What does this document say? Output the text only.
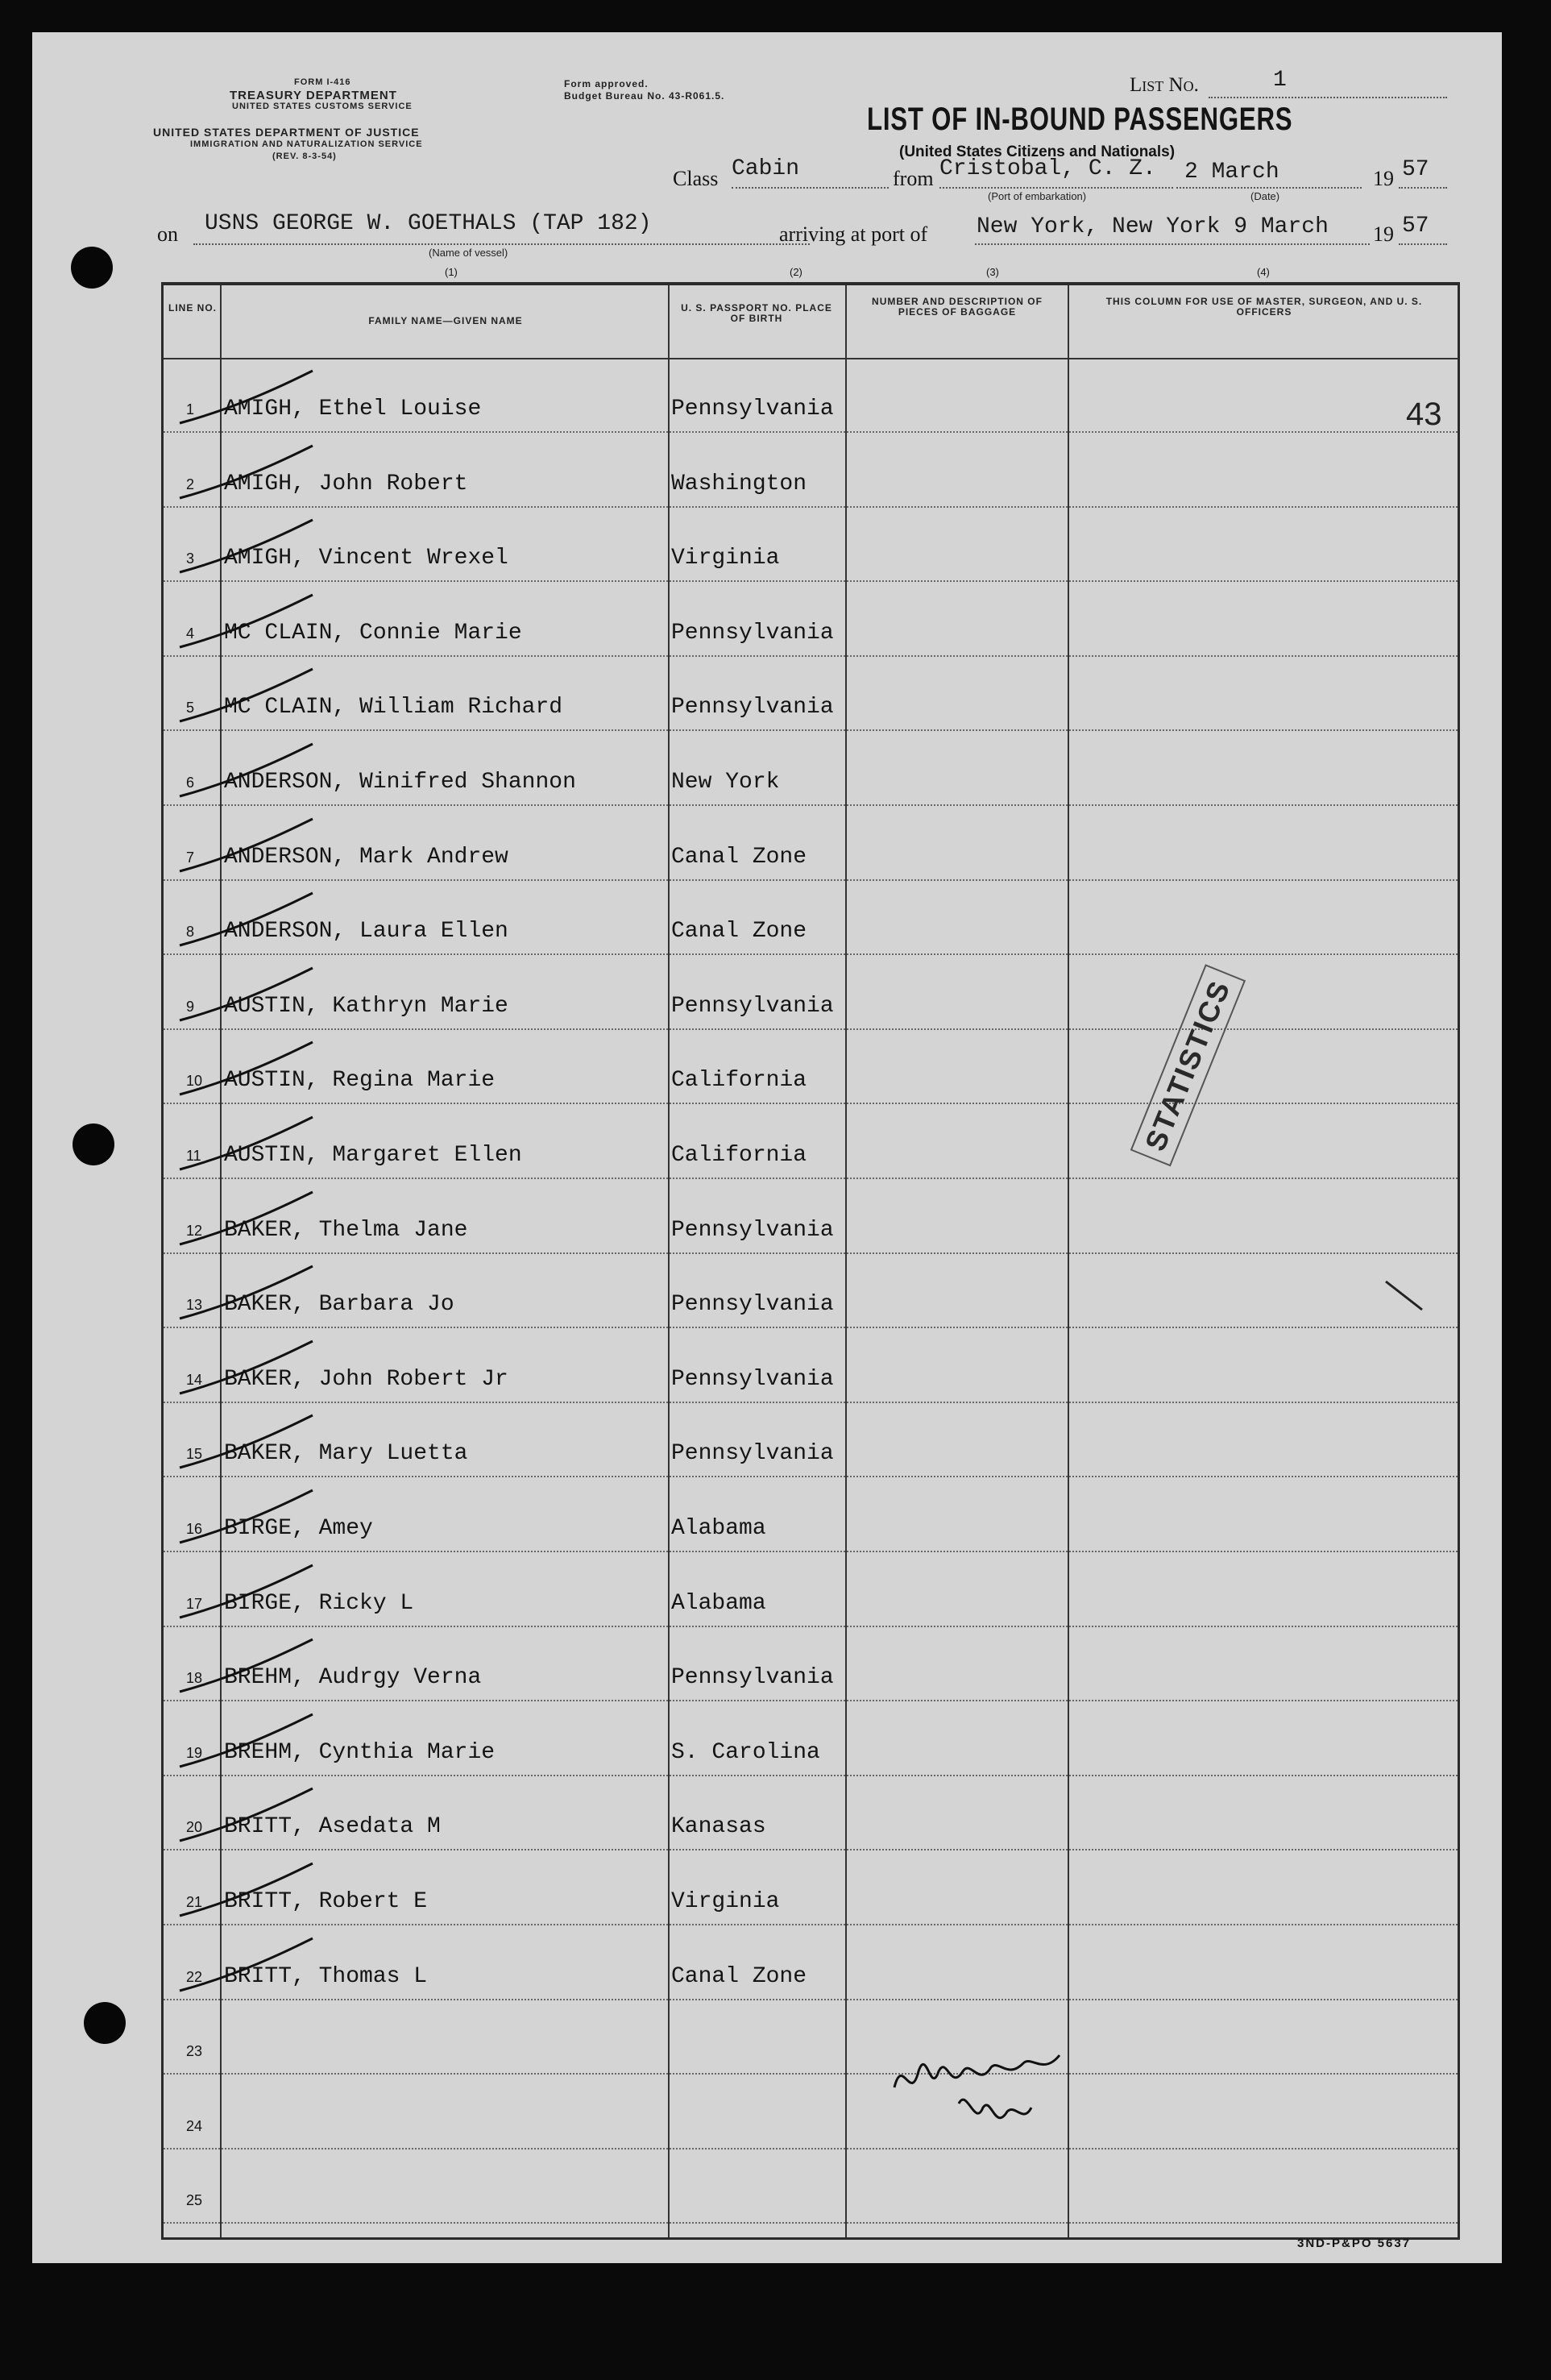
FORM I-416
TREASURY DEPARTMENT
UNITED STATES CUSTOMS SERVICE
UNITED STATES DEPARTMENT OF JUSTICE
IMMIGRATION AND NATURALIZATION SERVICE
(REV. 8-3-54)
Form approved.
Budget Bureau No. 43-R061.5.	List No.	1
LIST OF IN-BOUND PASSENGERS
(United States Citizens and Nationals)
Class Cabin	from Cristobal, C. Z. 2 March	19 57
(Port of embarkation)	(Date)
on USNS GEORGE W. GOETHALS (TAP 182)
(Name of vessel)
arriving at port of New York, New York 9 March 19 57
(1)	(2)	(3)	(4)
LINE NO.
FAMILY NAME—GIVEN NAME
U. S. PASSPORT NO. PLACE OF BIRTH
NUMBER AND DESCRIPTION OF PIECES OF BAGGAGE
THIS COLUMN FOR USE OF MASTER, SURGEON, AND U. S. OFFICERS
1 AMIGH, Ethel Louise	Pennsylvania
2 AMIGH, John Robert	Washington
3 AMIGH, Vincent Wrexel	Virginia
4 MC CLAIN, Connie Marie	Pennsylvania
5 MC CLAIN, William Richard	Pennsylvania
6 ANDERSON, Winifred Shannon	New York
7 ANDERSON, Mark Andrew	Canal Zone
8 ANDERSON, Laura Ellen	Canal Zone
9 AUSTIN, Kathryn Marie	Pennsylvania
10 AUSTIN, Regina Marie	California
11 AUSTIN, Margaret Ellen	California
12 BAKER, Thelma Jane	Pennsylvania
13 BAKER, Barbara Jo	Pennsylvania
14 BAKER, John Robert Jr	Pennsylvania
15 BAKER, Mary Luetta	Pennsylvania
16 BIRGE, Amey	Alabama
17 BIRGE, Ricky L	Alabama
18 BREHM, Audrgy Verna	Pennsylvania
19 BREHM, Cynthia Marie	S. Carolina
20 BRITT, Asedata M	Kanasas
21 BRITT, Robert E	Virginia
22 BRITT, Thomas L	Canal Zone
23
24
25
43
STATISTICS
3ND-P&PO 5637
